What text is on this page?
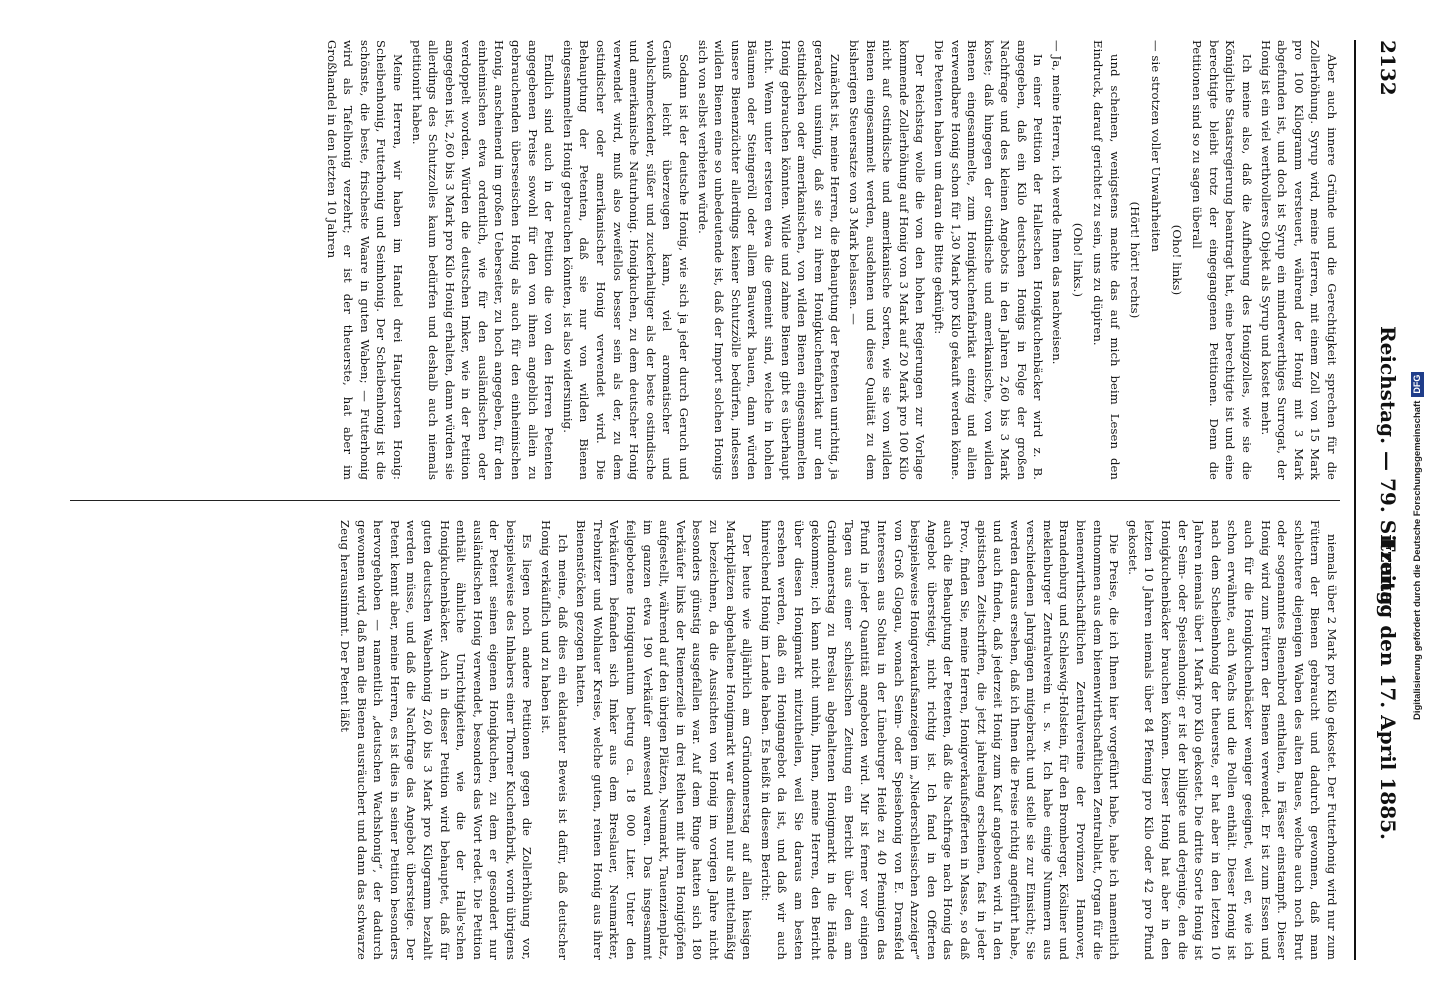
2132
Reichstag. — 79. Sitzung.
Freitag den 17. April 1885.

Aber auch innere Gründe und die Gerechtigkeit sprechen für die Zollerhöhung. Syrup wird, meine Herren, mit einem Zoll von 15 Mark pro 100 Kilogramm versteuert, während der Honig mit 3 Mark abgefunden ist, und doch ist Syrup ein minderwerthiges Surrogat, der Honig ist ein viel werthvolleres Objekt als Syrup und kostet mehr.

Ich meine also, daß die Aufhebung des Honigzolles, wie sie die Königliche Staatsregierung beantragt hat, eine berechtigte ist und eine berechtigte bleibt trotz der eingegangenen Petitionen. Denn die Petitionen sind so zu sagen überall

(Oho! links)

— sie strotzen voller Unwahrheiten

(Hört! hört! rechts)

und scheinen, wenigstens machte das auf mich beim Lesen den Eindruck, darauf gerichtet zu sein, uns zu düpiren.

(Oho! links.)

— Ja, meine Herren, ich werde Ihnen das nachweisen.

In einer Petition der Halleschen Honigkuchenbäcker wird z. B. angegeben, daß ein Kilo deutschen Honigs in Folge der großen Nachfrage und des kleinen Angebots in den Jahren 2,60 bis 3 Mark koste; daß hingegen der ostindische und amerikanische, von wilden Bienen eingesammelte, zum Honigkuchenfabrikat einzig und allein verwendbare Honig schon für 1,30 Mark pro Kilo gekauft werden könne. Die Petenten haben um daran die Bitte geknüpft:

Der Reichstag wolle die von den hohen Regierungen zur Vorlage kommende Zollerhöhung auf Honig von 3 Mark auf 20 Mark pro 100 Kilo nicht auf ostindische und amerikanische Sorten, wie sie von wilden Bienen eingesammelt werden, ausdehnen und diese Qualität zu dem bisherigen Steuersatze von 3 Mark belassen. —

Zunächst ist, meine Herren, die Behauptung der Petenten unrichtig, ja geradezu unsinnig, daß sie zu ihrem Honigkuchenfabrikat nur den ostindischen oder amerikanischen, von wilden Bienen eingesammelten Honig gebrauchen könnten. Wilde und zahme Bienen gibt es überhaupt nicht. Wenn unter ersteren etwa die gemeint sind, welche in hohlen Bäumen oder Steingeröll oder allem Bauwerk bauen, dann würden unsere Bienenzüchter allerdings keiner Schutzzölle bedürfen, indessen wilden Bienen eine so unbedeutende ist, daß der Import solchen Honigs sich von selbst verbieten würde.

Sodann ist der deutsche Honig, wie sich ja jeder durch Geruch und Genuß leicht überzeugen kann, viel aromatischer und wohlschmeckender, süßer und zuckerhaltiger als der beste ostindische und amerikanische Naturhonig. Honigkuchen, zu dem deutscher Honig verwendet wird, muß also zweifellos besser sein als der, zu dem ostindischer oder amerikanischer Honig verwendet wird. Die Behauptung der Petenten, daß sie nur von wilden Bienen eingesammelten Honig gebrauchen könnten, ist also widersinnig.

Endlich sind auch in der Petition die von den Herren Petenten angegebenen Preise sowohl für den von ihnen angeblich allein zu gebrauchenden überseeischen Honig als auch für den einheimischen Honig, anscheinend im großen Ueberseiter, zu hoch angegeben, für den einheimischen etwa ordentlich, wie für den ausländischen oder verdoppelt worden. Würden die deutschen Imker, wie in der Petition angegeben ist, 2,60 bis 3 Mark pro Kilo Honig erhalten, dann würden sie allerdings des Schutzzolles kaum bedürfen und deshalb auch niemals petitionirt haben.

Meine Herren, wir haben im Handel drei Hauptsorten Honig: Scheibenhonig, Futterhonig und Seimhonig. Der Scheibenhonig ist die schönste, die beste, frischeste Waare in guten Waben; — Futterhonig wird als Tafelhonig verzehrt; er ist der theuerste, hat aber im Großhandel in den letzten 10 Jahren

niemals über 2 Mark pro Kilo gekostet. Der Futterhonig wird nur zum Füttern der Bienen gebraucht und dadurch gewonnen, daß man schlechtere diejenigen Waben des alten Baues, welche auch noch Brut oder sogenanntes Bienenbrod enthalten, in Fässer einstampft. Dieser Honig wird zum Füttern der Bienen verwendet. Er ist zum Essen und auch für die Honigkuchenbäcker weniger geeignet, weil er, wie ich schon erwähnte, auch Wachs und die Pollen enthält. Dieser Honig ist nach dem Scheibenhonig der theuerste, er hat aber in den letzten 10 Jahren niemals über 1 Mark pro Kilo gekostet. Die dritte Sorte Honig ist der Seim- oder Speisenhonig; er ist der billigste und derjenige, den die Honigkuchenbäcker brauchen können. Dieser Honig hat aber in den letzten 10 Jahren niemals über 84 Pfennig pro Kilo oder 42 pro Pfund gekostet.

Die Preise, die ich Ihnen hier vorgeführt habe, habe ich namentlich entnommen aus dem bienenwirthschaftlichen Zentralblatt, Organ für die bienenwirthschaftlichen Zentralvereine der Provinzen Hannover, Brandenburg und Schleswig-Holstein, für den Bromberger, Kösliner und meklenburger Zentralverein u. s. w. Ich habe einige Nummern aus verschiedenen Jahrgängen mitgebracht und stelle sie zur Einsicht; Sie werden daraus ersehen, daß ich Ihnen die Preise richtig angeführt habe, und auch finden, daß jederzeit Honig zum Kauf angeboten wird. In den apistischen Zeitschriften, die jetzt jahrelang erscheinen, fast in jeder Prov., finden Sie, meine Herren, Honigverkaufsofferten in Masse, so daß auch die Behauptung der Petenten, daß die Nachfrage nach Honig das Angebot übersteigt, nicht richtig ist. Ich fand in den Offerten beispielsweise Honigverkaufsanzeigen im „Niederschlesischen Anzeiger“ von Groß Glogau, wonach Seim- oder Speisehonig von E. Dransfeld Interessen aus Soltau in der Lüneburger Heide zu 40 Pfennigen das Pfund in jeder Quantität angeboten wird. Mir ist ferner vor einigen Tagen aus einer schlesischen Zeitung ein Bericht über den am Grindonnerstag zu Breslau abgehaltenen Honigmarkt in die Hände gekommen; ich kann nicht umhin, Ihnen, meine Herren, den Bericht über diesen Honigmarkt mitzutheilen, weil Sie daraus am besten ersehen werden, daß ein Honigangebot da ist, und daß wir auch hinreichend Honig im Lande haben. Es heißt in diesem Bericht:

Der heute wie alljährlich am Gründonnerstag auf allen hiesigen Marktplätzen abgehaltene Honigmarkt war diesmal nur als mittelmäßig zu bezeichnen, da die Aussichten von Honig im vorigen Jahre nicht besonders günstig ausgefallen war. Auf dem Ringe hatten sich 180 Verkäufer links der Riemerzeile in drei Reihen mit ihren Honigtöpfen aufgestellt, während auf den übrigen Plätzen, Neumarkt, Tauenzienplatz, im ganzen etwa 190 Verkäufer anwesend waren. Das insgesammt feilgebotene Honigquantum betrug ca. 18 000 Liter. Unter den Verkäufern befanden sich Imker aus dem Breslauer, Neumarkter, Trebnitzer und Wohlauer Kreise, welche guten, reinen Honig aus ihrer Bienenstöcken gezogen hatten.

Ich meine, daß dies ein eklatanter Beweis ist dafür, daß deutscher Honig verkäuflich und zu haben ist.

Es liegen noch andere Petitionen gegen die Zollerhöhung vor, beispielsweise des Inhabers einer Thorner Kuchenfabrik, worin übrigens der Petent seinen eigenen Honigkuchen, zu dem er gesondert nur ausländischen Honig verwendet, besonders das Wort redet. Die Petition enthält ähnliche Unrichtigkeiten, wie die der Halle'schen Honigkuchenbäcker. Auch in dieser Petition wird behauptet, daß für guten deutschen Wabenhonig 2,60 bis 3 Mark pro Kilogramm bezahlt werden müsse, und daß die Nachfrage das Angebot übersteige. Der Petent kennt aber, meine Herren, es ist dies in seiner Petition besonders hervorgehoben — namentlich „deutschen Wachshonig“, der dadurch gewonnen wird, daß man die Bienen ausräuchert und dann das schwarze Zeug herausnimmt. Der Petent läßt	Digitalisierung gefördert durch die Deutsche Forschungsgemeinschaft
DFG
